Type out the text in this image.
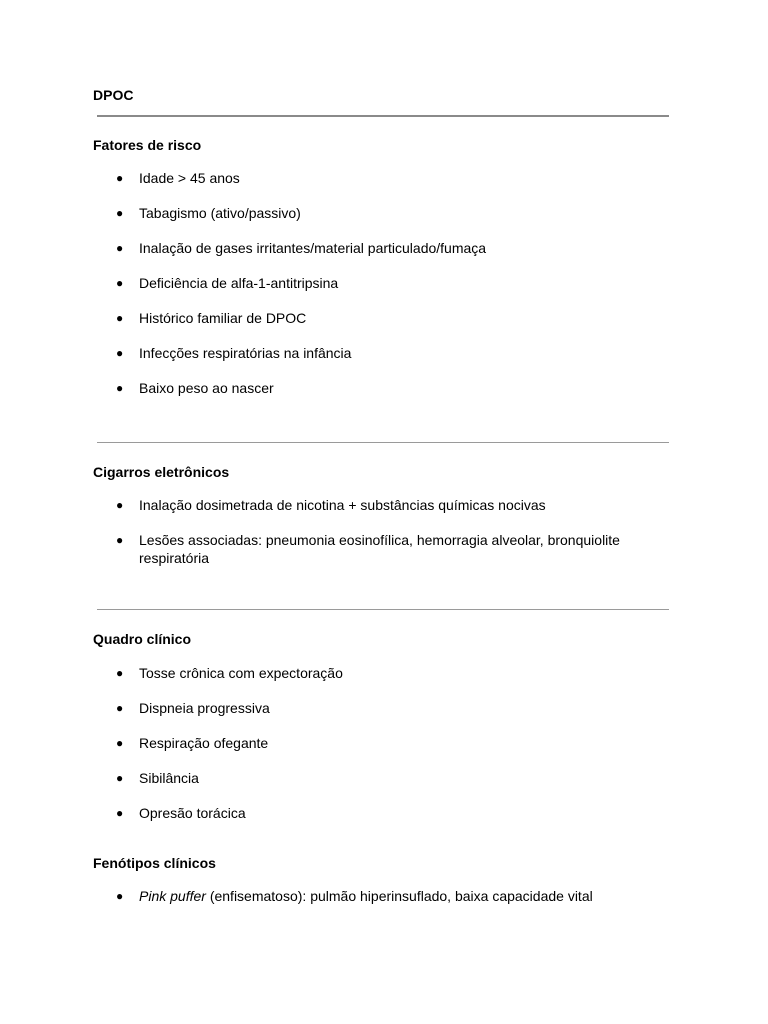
DPOC
Fatores de risco
● Idade > 45 anos
● Tabagismo (ativo/passivo)
● Inalação de gases irritantes/material particulado/fumaça
● Deficiência de alfa-1-antitripsina
● Histórico familiar de DPOC
● Infecções respiratórias na infância
● Baixo peso ao nascer
Cigarros eletrônicos
● Inalação dosimetrada de nicotina + substâncias químicas nocivas
● Lesões associadas: pneumonia eosinofílica, hemorragia alveolar, bronquiolite respiratória
Quadro clínico
● Tosse crônica com expectoração
● Dispneia progressiva
● Respiração ofegante
● Sibilância
● Opresão torácica
Fenótipos clínicos
● Pink puffer (enfisematoso): pulmão hiperinsuflado, baixa capacidade vital
